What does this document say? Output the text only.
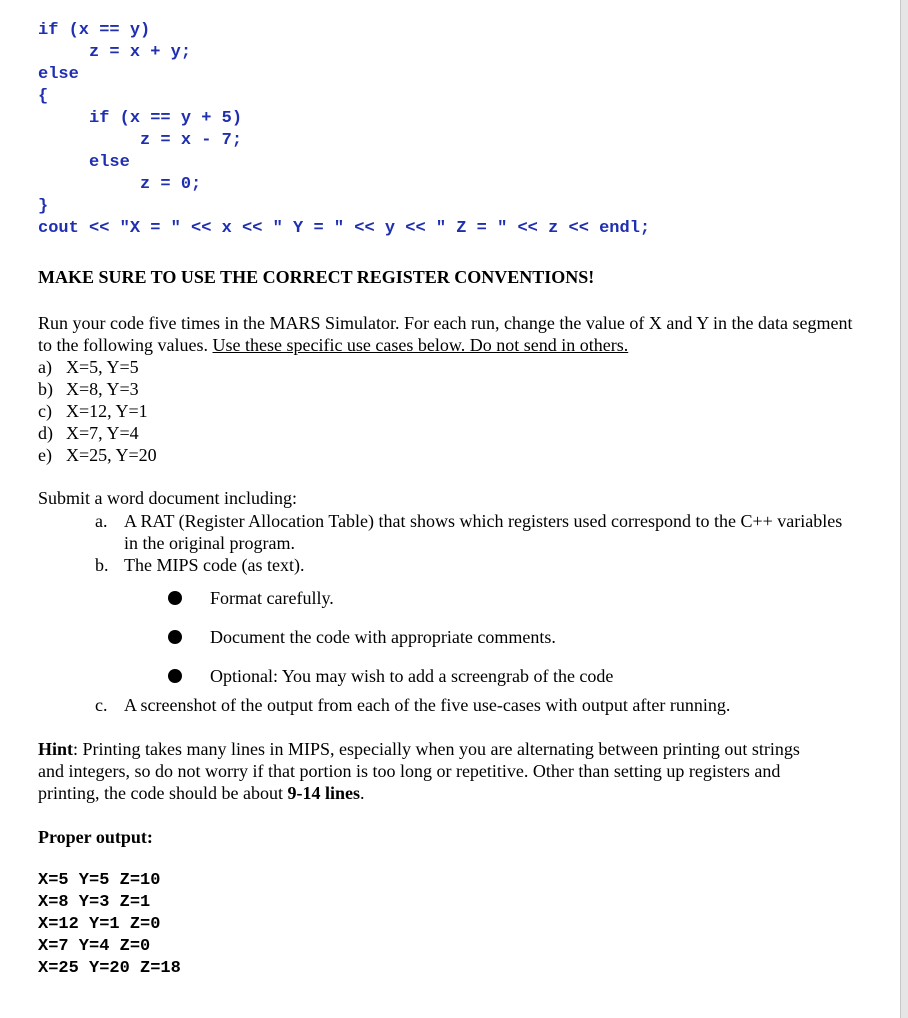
if (x == y)
z = x + y;
else
{
if (x == y + 5)
z = x - 7;
else
z = 0;
}
cout << "X = " << x << " Y = " << y << " Z = " << z << endl;
MAKE SURE TO USE THE CORRECT REGISTER CONVENTIONS!
Run your code five times in the MARS Simulator. For each run, change the value of X and Y in the data segment to the following values. Use these specific use cases below. Do not send in others.
a) X=5, Y=5
b) X=8, Y=3
c) X=12, Y=1
d) X=7, Y=4
e) X=25, Y=20
Submit a word document including:
a. A RAT (Register Allocation Table) that shows which registers used correspond to the C++ variables in the original program.
b. The MIPS code (as text).
Format carefully.
Document the code with appropriate comments.
Optional: You may wish to add a screengrab of the code
c. A screenshot of the output from each of the five use-cases with output after running.
Hint: Printing takes many lines in MIPS, especially when you are alternating between printing out strings and integers, so do not worry if that portion is too long or repetitive. Other than setting up registers and printing, the code should be about 9-14 lines.
Proper output:
X=5 Y=5 Z=10
X=8 Y=3 Z=1
X=12 Y=1 Z=0
X=7 Y=4 Z=0
X=25 Y=20 Z=18
